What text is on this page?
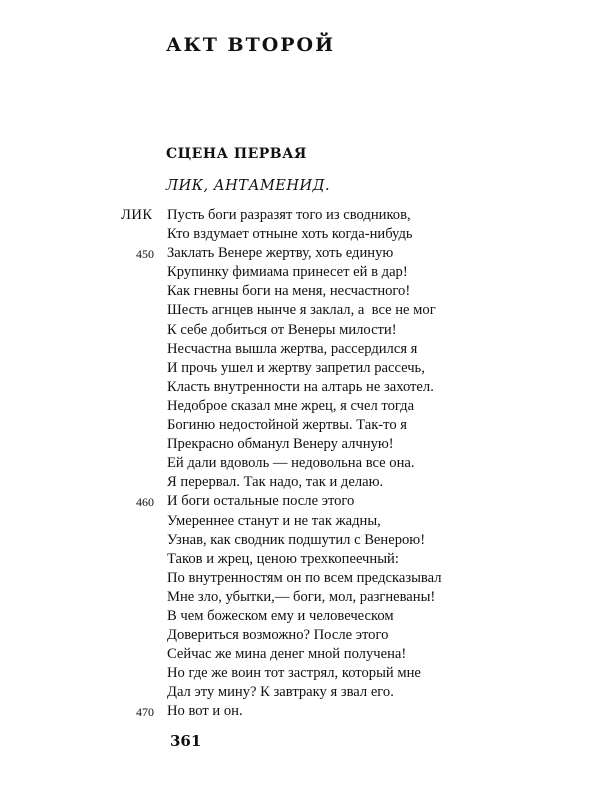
АКТ ВТОРОЙ
СЦЕНА ПЕРВАЯ
ЛИК, АНТАМЕНИД.
ЛИК Пусть боги разразят того из сводников,
Кто вздумает отныне хоть когда-нибудь
450 Заклать Венере жертву, хоть единую
Крупинку фимиама принесет ей в дар!
Как гневны боги на меня, несчастного!
Шесть агнцев нынче я заклал, а  все не мог
К себе добиться от Венеры милости!
Несчастна вышла жертва, рассердился я
И прочь ушел и жертву запретил рассечь,
Класть внутренности на алтарь не захотел.
Недоброе сказал мне жрец, я счел тогда
Богиню недостойной жертвы. Так-то я
Прекрасно обманул Венеру алчную!
Ей дали вдоволь — недовольна все она.
Я перервал. Так надо, так и делаю.
460 И боги остальные после этого
Умереннее станут и не так жадны,
Узнав, как сводник подшутил с Венерою!
Таков и жрец, ценою трехкопеечный:
По внутренностям он по всем предсказывал
Мне зло, убытки,— боги, мол, разгневаны!
В чем божеском ему и человеческом
Довериться возможно? После этого
Сейчас же мина денег мной получена!
Но где же воин тот застрял, который мне
Дал эту мину? К завтраку я звал его.
470 Но вот и он.
361
